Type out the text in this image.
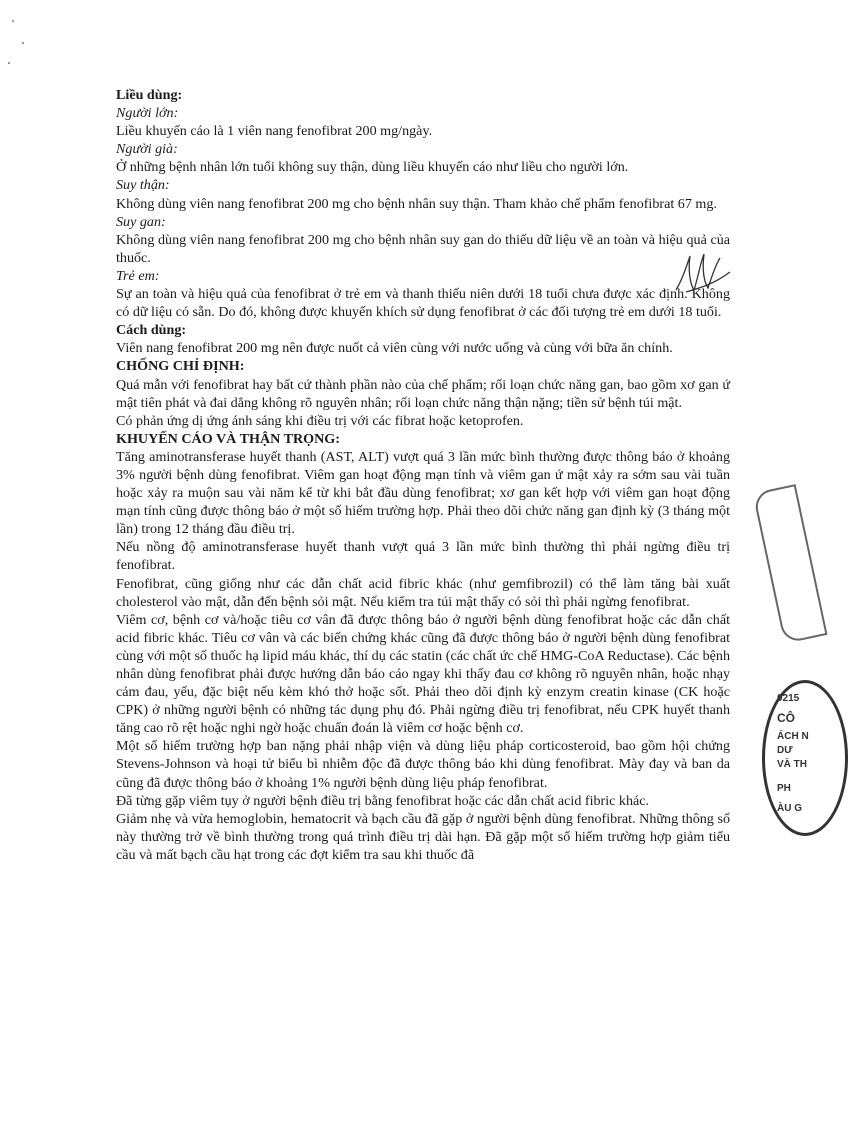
Liều dùng:

Người lớn:

Liều khuyến cáo là 1 viên nang fenofibrat 200 mg/ngày.

Người già:

Ở những bệnh nhân lớn tuổi không suy thận, dùng liều khuyến cáo như liều cho người lớn.

Suy thận:

Không dùng viên nang fenofibrat 200 mg cho bệnh nhân suy thận. Tham khảo chế phẩm fenofibrat 67 mg.

Suy gan:

Không dùng viên nang fenofibrat 200 mg cho bệnh nhân suy gan do thiếu dữ liệu về an toàn và hiệu quả của thuốc.

Trẻ em:

Sự an toàn và hiệu quả của fenofibrat ở trẻ em và thanh thiếu niên dưới 18 tuổi chưa được xác định. Không có dữ liệu có sẵn. Do đó, không được khuyến khích sử dụng fenofibrat ở các đối tượng trẻ em dưới 18 tuổi.

Cách dùng:

Viên nang fenofibrat 200 mg nên được nuốt cả viên cùng với nước uống và cùng với bữa ăn chính.

CHỐNG CHỈ ĐỊNH:

Quá mẫn với fenofibrat hay bất cứ thành phần nào của chế phẩm; rối loạn chức năng gan, bao gồm xơ gan ứ mật tiên phát và đai dẳng không rõ nguyên nhân; rối loạn chức năng thận nặng; tiền sử bệnh túi mật.

Có phản ứng dị ứng ánh sáng khi điều trị với các fibrat hoặc ketoprofen.

KHUYẾN CÁO VÀ THẬN TRỌNG:

Tăng aminotransferase huyết thanh (AST, ALT) vượt quá 3 lần mức bình thường được thông báo ở khoảng 3% người bệnh dùng fenofibrat. Viêm gan hoạt động mạn tính và viêm gan ứ mật xảy ra sớm sau vài tuần hoặc xảy ra muộn sau vài năm kể từ khi bắt đầu dùng fenofibrat; xơ gan kết hợp với viêm gan hoạt động mạn tính cũng được thông báo ở một số hiếm trường hợp. Phải theo dõi chức năng gan định kỳ (3 tháng một lần) trong 12 tháng đầu điều trị.

Nếu nồng độ aminotransferase huyết thanh vượt quá 3 lần mức bình thường thì phải ngừng điều trị fenofibrat.

Fenofibrat, cũng giống như các dẫn chất acid fibric khác (như gemfibrozil) có thể làm tăng bài xuất cholesterol vào mật, dẫn đến bệnh sỏi mật. Nếu kiểm tra túi mật thấy có sỏi thì phải ngừng fenofibrat.

Viêm cơ, bệnh cơ và/hoặc tiêu cơ vân đã được thông báo ở người bệnh dùng fenofibrat hoặc các dẫn chất acid fibric khác. Tiêu cơ vân và các biến chứng khác cũng đã được thông báo ở người bệnh dùng fenofibrat cùng với một số thuốc hạ lipid máu khác, thí dụ các statin (các chất ức chế HMG-CoA Reductase). Các bệnh nhân dùng fenofibrat phải được hướng dẫn báo cáo ngay khi thấy đau cơ không rõ nguyên nhân, hoặc nhạy cảm đau, yếu, đặc biệt nếu kèm khó thở hoặc sốt. Phải theo dõi định kỳ enzym creatin kinase (CK hoặc CPK) ở những người bệnh có những tác dụng phụ đó. Phải ngừng điều trị fenofibrat, nếu CPK huyết thanh tăng cao rõ rệt hoặc nghi ngờ hoặc chuẩn đoán là viêm cơ hoặc bệnh cơ.

Một số hiếm trường hợp ban nặng phải nhập viện và dùng liệu pháp corticosteroid, bao gồm hội chứng Stevens-Johnson và hoại tử biểu bì nhiễm độc đã được thông báo khi dùng fenofibrat. Mày đay và ban da cũng đã được thông báo ở khoảng 1% người bệnh dùng liệu pháp fenofibrat.

Đã từng gặp viêm tụy ở người bệnh điều trị bằng fenofibrat hoặc các dẫn chất acid fibric khác.

Giảm nhẹ và vừa hemoglobin, hematocrit và bạch cầu đã gặp ở người bệnh dùng fenofibrat. Những thông số này thường trở về bình thường trong quá trình điều trị dài hạn. Đã gặp một số hiếm trường hợp giảm tiểu cầu và mất bạch cầu hạt trong các đợt kiểm tra sau khi thuốc đã

0215
CÔ
ÁCH N
DƯ
VÀ TH
PH
ÀU G
